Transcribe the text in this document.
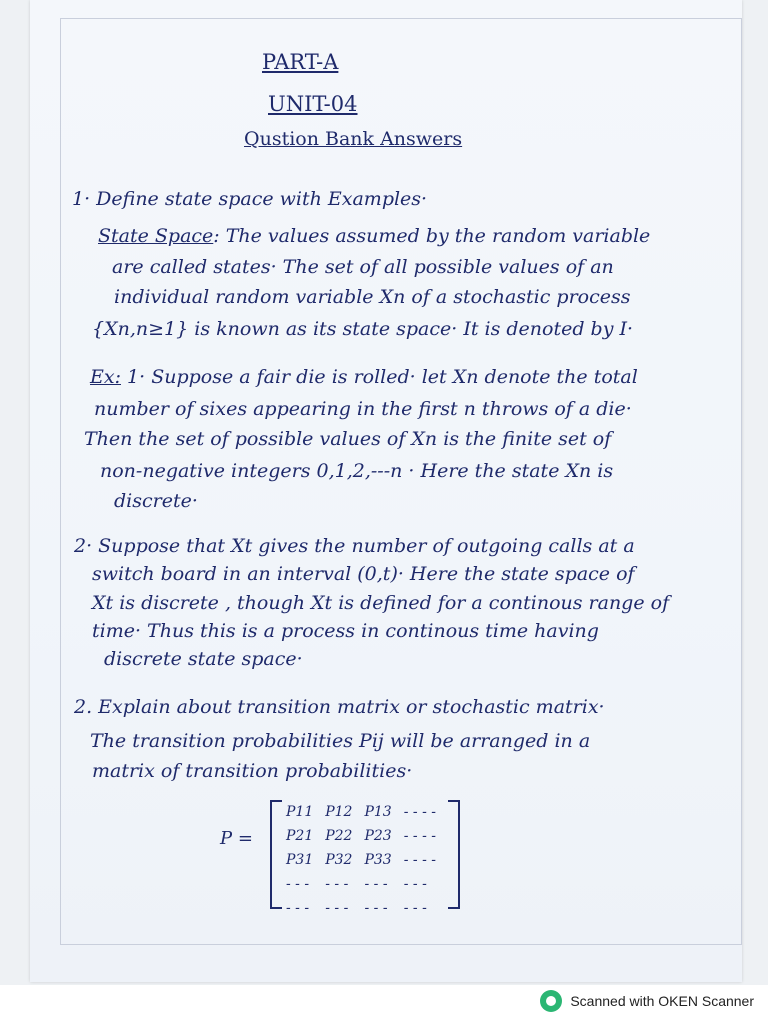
PART-A
UNIT-04
Qustion Bank Answers
1· Define state space with Examples·
State Space: The values assumed by the random variable
are called states· The set of all possible values of an
individual random variable Xn of a stochastic process
{Xn,n≥1} is known as its state space· It is denoted by I·
Ex: 1· Suppose a fair die is rolled· let Xn denote the total
number of sixes appearing in the first n throws of a die·
Then the set of possible values of Xn is the finite set of
non-negative integers 0,1,2,---n · Here the state Xn is
discrete·
2· Suppose that Xt gives the number of outgoing calls at a
switch board in an interval (0,t)· Here the state space of
Xt is discrete , though Xt is defined for a continous range of
time· Thus this is a process in continous time having
discrete state space·
2. Explain about transition matrix or stochastic matrix·
The transition probabilities Pij will be arranged in a
matrix of transition probabilities·
P =
P11	P12	P13	- - - -
P21	P22	P23	- - - -
P31	P32	P33	- - - -
- - -	- - -	- - -	- - -
- - -	- - -	- - -	- - -
Scanned with OKEN Scanner
